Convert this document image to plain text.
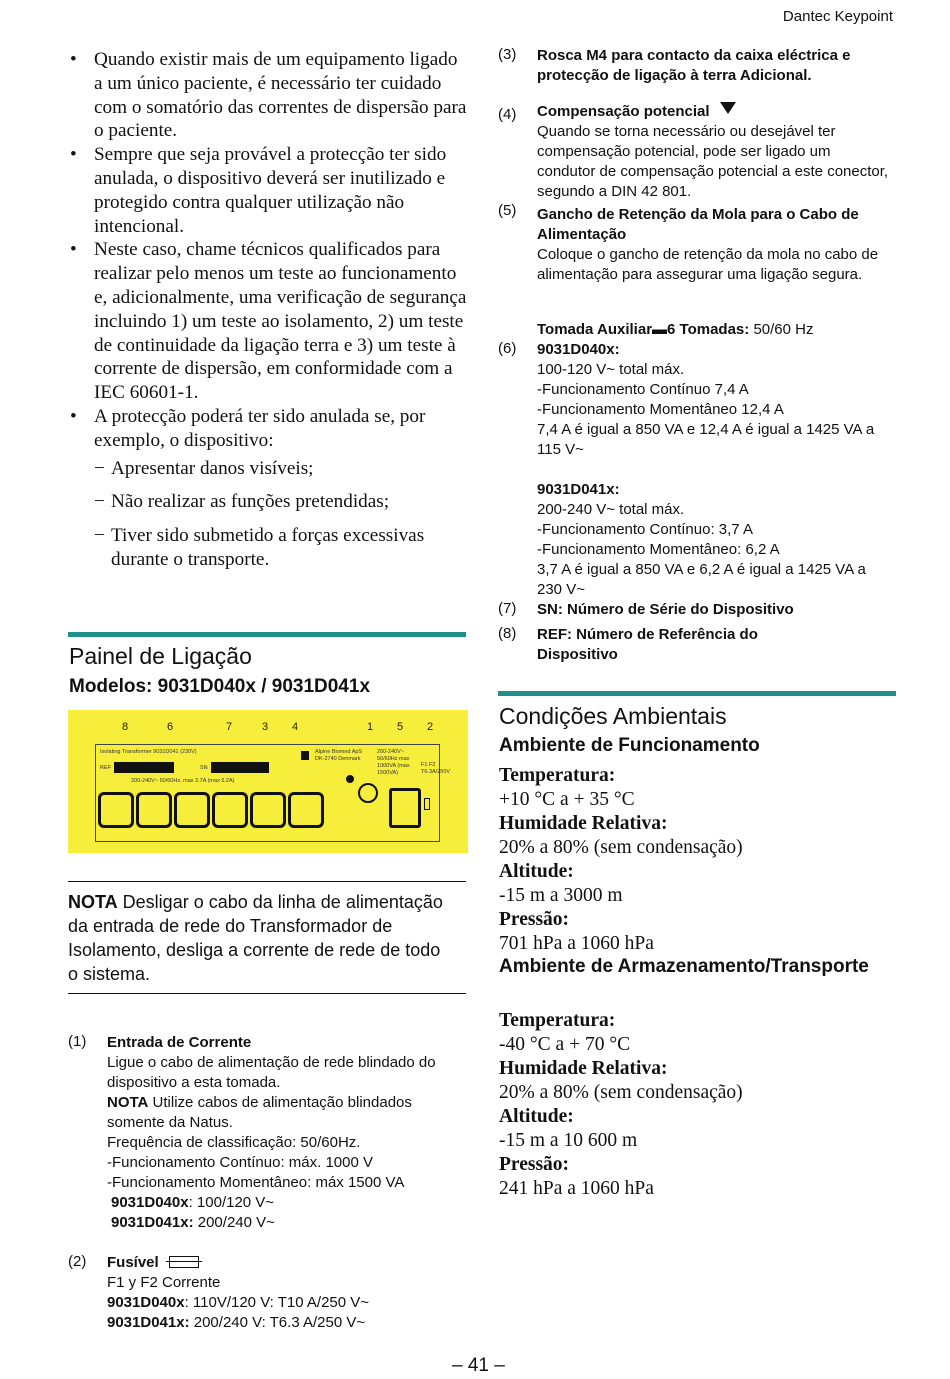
Dantec Keypoint
• Quando existir mais de um equipamento ligado a um único paciente, é necessário ter cuidado com o somatório das correntes de dispersão para o paciente.
• Sempre que seja provável a protecção ter sido anulada, o dispositivo deverá ser inutilizado e protegido contra qualquer utilização não intencional.
• Neste caso, chame técnicos qualificados para realizar pelo menos um teste ao funcionamento e, adicionalmente, uma verificação de segurança incluindo 1) um teste ao isolamento, 2) um teste de continuidade da ligação terra e 3) um teste à corrente de dispersão, em conformidade com a IEC 60601-1.
• A protecção poderá ter sido anulada se, por exemplo, o dispositivo:
− Apresentar danos visíveis;
− Não realizar as funções pretendidas;
− Tiver sido submetido a forças excessivas durante o transporte.
Painel de Ligação
Modelos: 9031D040x / 9031D041x
8	6	7	3 4	1 5 2
Isolating Transformer 9031D041 (230V)
REF	SN
200-240V~ 50/60Hz, max 3.7A (max 6.2A)
Alpine Biomed ApS DK-2740 Denmark
200-240V~ 50/60Hz max 1000VA (max 1500VA)
F1 F2 T6.3A/250V
NOTA Desligar o cabo da linha de alimentação da entrada de rede do Transformador de Isolamento, desliga a corrente de rede de todo o sistema.
(1) Entrada de Corrente
Ligue o cabo de alimentação de rede blindado do dispositivo a esta tomada.
NOTA Utilize cabos de alimentação blindados somente da Natus.
Frequência de classificação: 50/60Hz.
-Funcionamento Contínuo: máx. 1000 V
-Funcionamento Momentâneo: máx 1500 VA
9031D040x: 100/120 V~
9031D041x: 200/240 V~
(2) Fusível
F1 y F2 Corrente
9031D040x: 110V/120 V: T10 A/250 V~
9031D041x: 200/240 V: T6.3 A/250 V~
(3) Rosca M4 para contacto da caixa eléctrica e protecção de ligação à terra Adicional.
(4) Compensação potencial
Quando se torna necessário ou desejável ter compensação potencial, pode ser ligado um condutor de compensação potencial a este conector, segundo a DIN 42 801.
(5) Gancho de Retenção da Mola para o Cabo de Alimentação
Coloque o gancho de retenção da mola no cabo de alimentação para assegurar uma ligação segura.
(6)
Tomada Auxiliar▬6 Tomadas: 50/60 Hz
9031D040x:
100-120 V~ total máx.
-Funcionamento Contínuo 7,4 A
-Funcionamento Momentâneo 12,4 A
7,4 A é igual a 850 VA e 12,4 A é igual a 1425 VA a 115 V~
9031D041x:
200-240 V~ total máx.
-Funcionamento Contínuo: 3,7 A
-Funcionamento Momentâneo: 6,2 A
3,7 A é igual a 850 VA e 6,2 A é igual a 1425 VA a 230 V~
(7) SN: Número de Série do Dispositivo
(8) REF: Número de Referência do Dispositivo
Condições Ambientais
Ambiente de Funcionamento
Temperatura:
+10 °C a + 35 °C
Humidade Relativa:
20% a 80% (sem condensação)
Altitude:
-15 m a 3000 m
Pressão:
701 hPa a 1060 hPa
Ambiente de Armazenamento/Transporte
Temperatura:
-40 °C a + 70 °C
Humidade Relativa:
20% a 80% (sem condensação)
Altitude:
-15 m a 10 600 m
Pressão:
241 hPa a 1060 hPa
– 41 –
